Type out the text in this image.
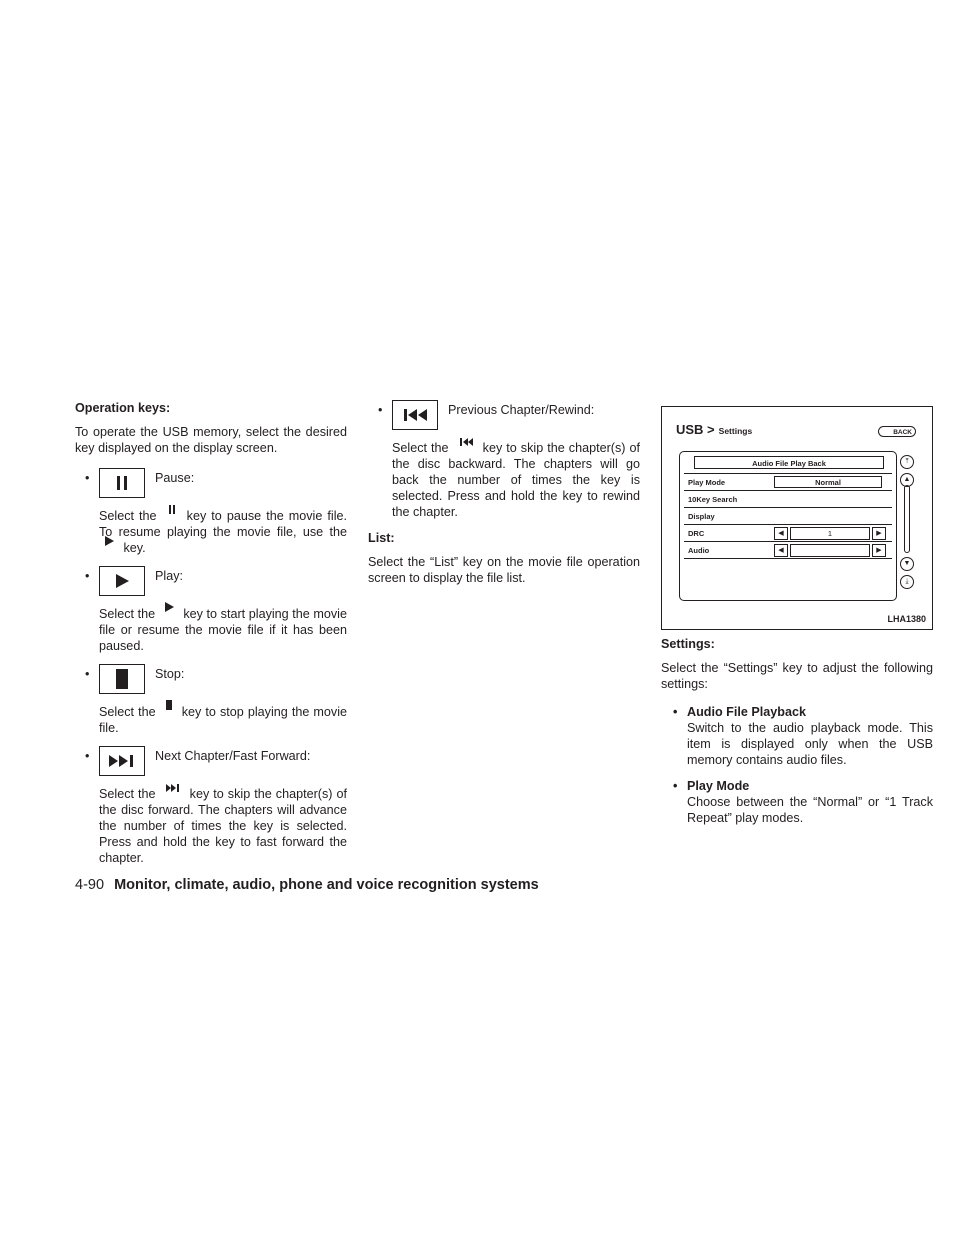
Operation keys:
To operate the USB memory, select the desired key displayed on the display screen.
•	Pause:
Select the key to pause the movie file. To resume playing the movie file, use the  key.
•	Play:
Select the key to start playing the movie file or resume the movie file if it has been paused.
•	Stop:
Select the key to stop playing the movie file.
•	Next Chapter/Fast Forward:
Select the	key to skip the chapter(s) of the disc forward. The chapters will advance the number of times the key is selected. Press and hold the key to fast forward the chapter.
•	Previous Chapter/Rewind:
Select the	key to skip the chapter(s) of the disc backward. The chapters will go back the number of times the key is selected. Press and hold the key to rewind the chapter.
List:
Select the “List” key on the movie file operation screen to display the file list.
USB > Settings	BACK
Audio File Play Back
Play Mode	Normal
10Key Search
Display
DRC	◀	1	▶
Audio	◀	▶
⤒
▲
▼
⤓
LHA1380
Settings:
Select the “Settings” key to adjust the following settings:
• Audio File Playback
Switch to the audio playback mode. This item is displayed only when the USB memory contains audio files.
• Play Mode
Choose between the “Normal” or “1 Track Repeat” play modes.
4-90 Monitor, climate, audio, phone and voice recognition systems
